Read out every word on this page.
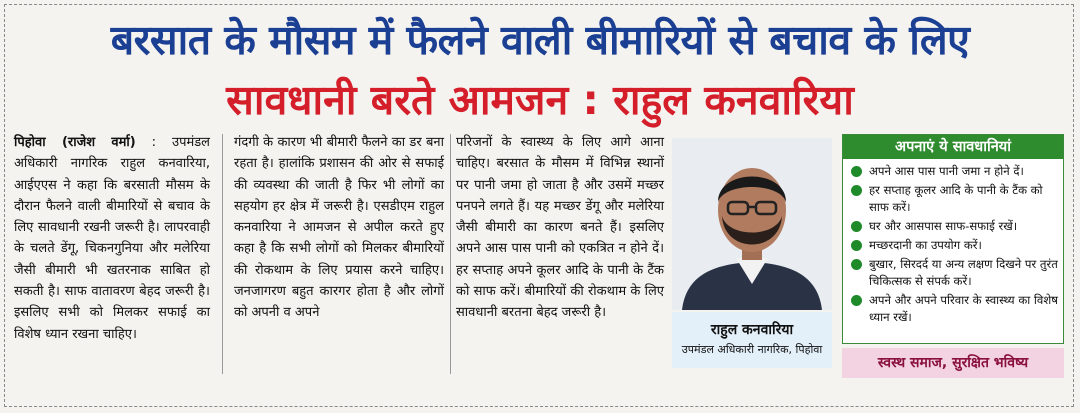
बरसात के मौसम में फैलने वाली बीमारियों से बचाव के लिए
सावधानी बरते आमजन : राहुल कनवारिया
पिहोवा (राजेश वर्मा) : उपमंडल अधिकारी नागरिक राहुल कनवारिया, आईएएस ने कहा कि बरसाती मौसम के दौरान फैलने वाली बीमारियों से बचाव के लिए सावधानी रखनी जरूरी है। लापरवाही के चलते डेंगू, चिकनगुनिया और मलेरिया जैसी बीमारी भी खतरनाक साबित हो सकती है। साफ वातावरण बेहद जरूरी है। इसलिए सभी को मिलकर सफाई का विशेष ध्यान रखना चाहिए।
गंदगी के कारण भी बीमारी फैलने का डर बना रहता है। हालांकि प्रशासन की ओर से सफाई की व्यवस्था की जाती है फिर भी लोगों का सहयोग हर क्षेत्र में जरूरी है। एसडीएम राहुल कनवारिया ने आमजन से अपील करते हुए कहा है कि सभी लोगों को मिलकर बीमारियों की रोकथाम के लिए प्रयास करने चाहिए। जनजागरण बहुत कारगर होता है और लोगों को अपनी व अपने
परिजनों के स्वास्थ्य के लिए आगे आना चाहिए। बरसात के मौसम में विभिन्न स्थानों पर पानी जमा हो जाता है और उसमें मच्छर पनपने लगते हैं। यह मच्छर डेंगू और मलेरिया जैसी बीमारी का कारण बनते हैं। इसलिए अपने आस पास पानी को एकत्रित न होने दें। हर सप्ताह अपने कूलर आदि के पानी के टैंक को साफ करें। बीमारियों की रोकथाम के लिए सावधानी बरतना बेहद जरूरी है।
राहुल कनवारिया
उपमंडल अधिकारी नागरिक, पिहोवा
अपनाएं ये सावधानियां
अपने आस पास पानी जमा न होने दें।
हर सप्ताह कूलर आदि के पानी के टैंक को साफ करें।
घर और आसपास साफ-सफाई रखें।
मच्छरदानी का उपयोग करें।
बुखार, सिरदर्द या अन्य लक्षण दिखने पर तुरंत चिकित्सक से संपर्क करें।
अपने और अपने परिवार के स्वास्थ्य का विशेष ध्यान रखें।
स्वस्थ समाज, सुरक्षित भविष्य
